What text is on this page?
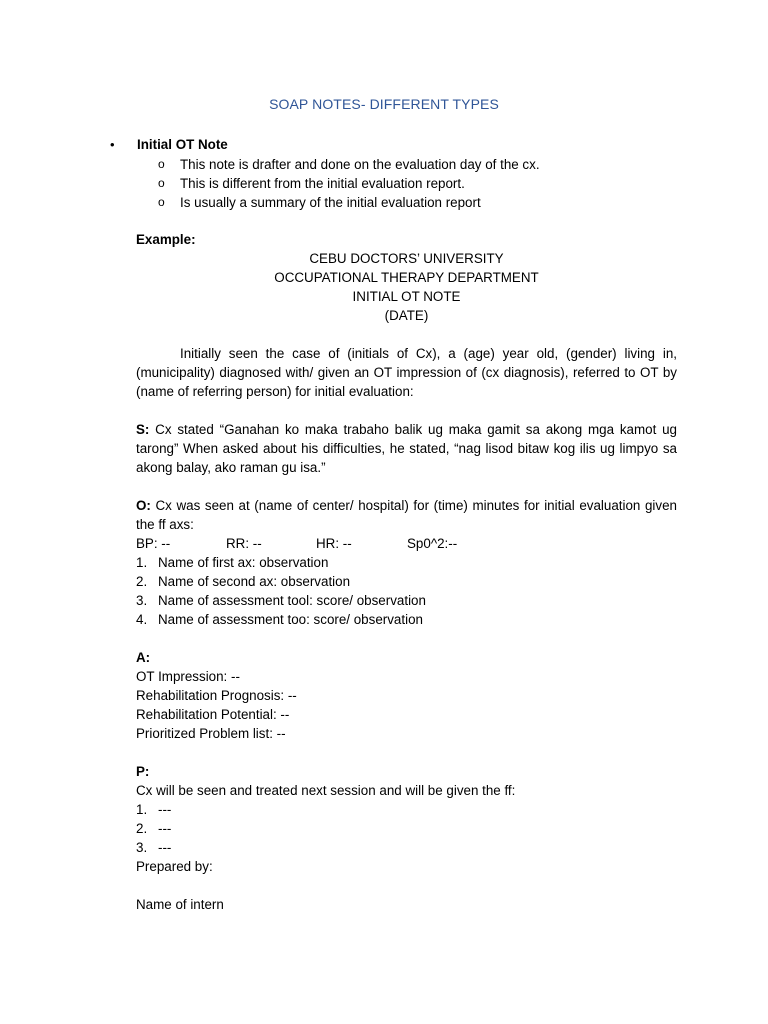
SOAP NOTES- DIFFERENT TYPES
• Initial OT Note
o This note is drafter and done on the evaluation day of the cx.
o This is different from the initial evaluation report.
o Is usually a summary of the initial evaluation report
Example:
CEBU DOCTORS’ UNIVERSITY
OCCUPATIONAL THERAPY DEPARTMENT
INITIAL OT NOTE
(DATE)
Initially seen the case of (initials of Cx), a (age) year old, (gender) living in, (municipality) diagnosed with/ given an OT impression of (cx diagnosis), referred to OT by (name of referring person) for initial evaluation:
S: Cx stated “Ganahan ko maka trabaho balik ug maka gamit sa akong mga kamot ug tarong” When asked about his difficulties, he stated, “nag lisod bitaw kog ilis ug limpyo sa akong balay, ako raman gu isa.”
O: Cx was seen at (name of center/ hospital) for (time) minutes for initial evaluation given the ff axs:
BP: --	RR: --	HR: --	Sp0^2:--
1. Name of first ax: observation
2. Name of second ax: observation
3. Name of assessment tool: score/ observation
4. Name of assessment too: score/ observation
A:
OT Impression: --
Rehabilitation Prognosis: --
Rehabilitation Potential: --
Prioritized Problem list: --
P:
Cx will be seen and treated next session and will be given the ff:
1. ---
2. ---
3. ---
Prepared by:
Name of intern
